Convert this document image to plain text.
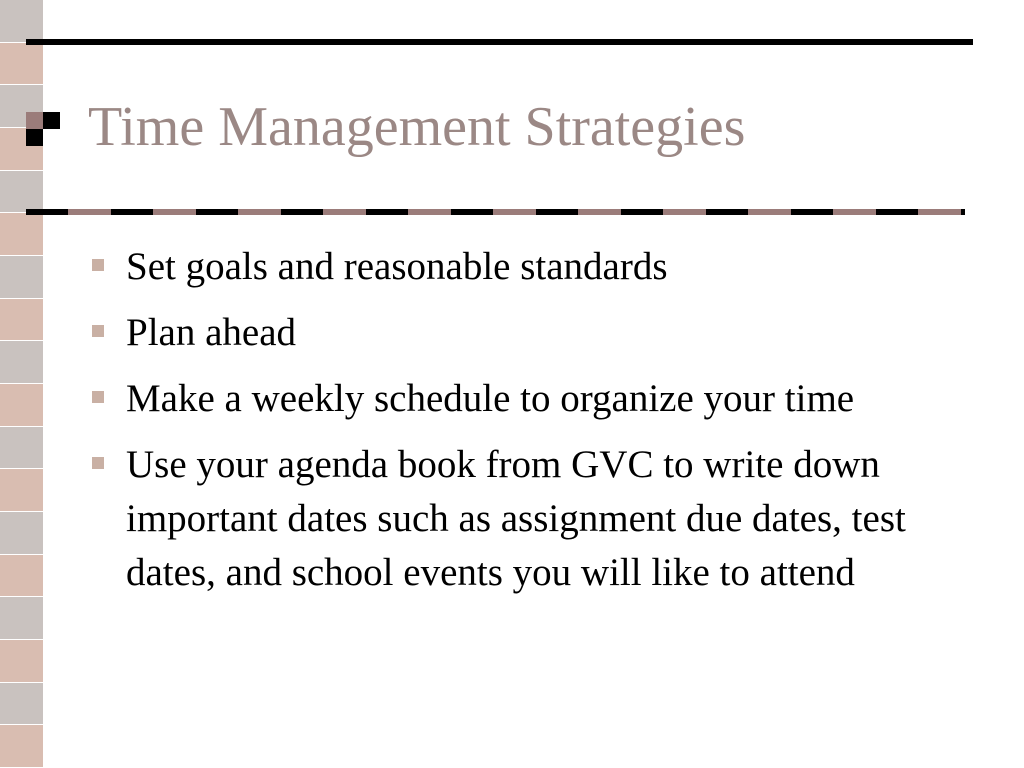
Time Management Strategies
Set goals and reasonable standards
Plan ahead
Make a weekly schedule to organize your time
Use your agenda book from GVC to write down important dates such as assignment due dates, test dates, and school events you will like to attend
